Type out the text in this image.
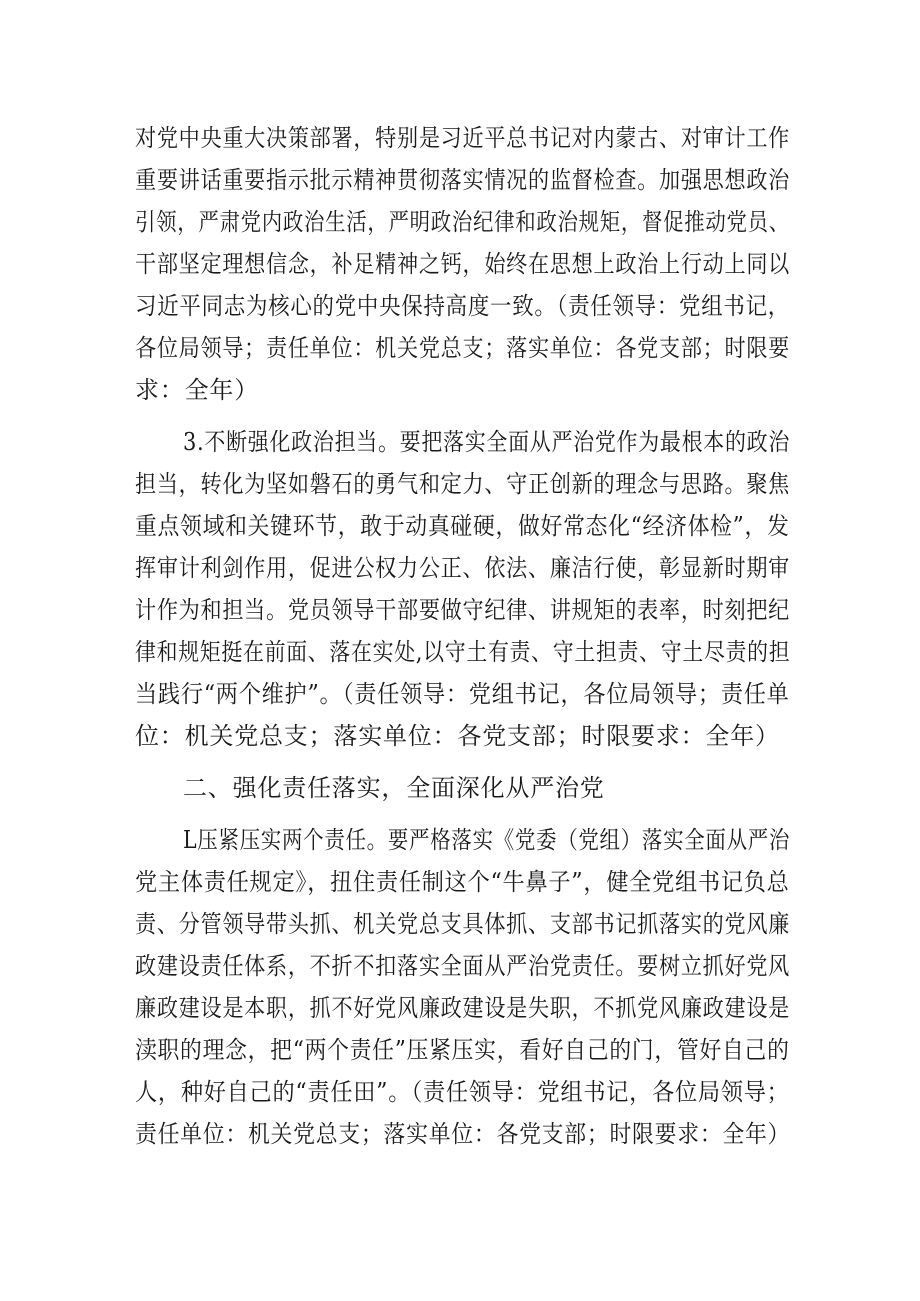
对党中央重大决策部署，特别是习近平总书记对内蒙古、对审计工作
重要讲话重要指示批示精神贯彻落实情况的监督检查。加强思想政治
引领，严肃党内政治生活，严明政治纪律和政治规矩，督促推动党员、
干部坚定理想信念，补足精神之钙，始终在思想上政治上行动上同以
习近平同志为核心的党中央保持高度一致。（责任领导：党组书记，
各位局领导；责任单位：机关党总支；落实单位：各党支部；时限要
求：全年）
3.不断强化政治担当。要把落实全面从严治党作为最根本的政治
担当，转化为坚如磐石的勇气和定力、守正创新的理念与思路。聚焦
重点领域和关键环节，敢于动真碰硬，做好常态化“经济体检”，发
挥审计利剑作用，促进公权力公正、依法、廉洁行使，彰显新时期审
计作为和担当。党员领导干部要做守纪律、讲规矩的表率，时刻把纪
律和规矩挺在前面、落在实处,以守土有责、守土担责、守土尽责的担
当践行“两个维护”。（责任领导：党组书记，各位局领导；责任单
位：机关党总支；落实单位：各党支部；时限要求：全年）
二、强化责任落实，全面深化从严治党
L压紧压实两个责任。要严格落实《党委（党组）落实全面从严治
党主体责任规定》，扭住责任制这个“牛鼻子”，健全党组书记负总
责、分管领导带头抓、机关党总支具体抓、支部书记抓落实的党风廉
政建设责任体系，不折不扣落实全面从严治党责任。要树立抓好党风
廉政建设是本职，抓不好党风廉政建设是失职，不抓党风廉政建设是
渎职的理念，把“两个责任”压紧压实，看好自己的门，管好自己的
人，种好自己的“责任田”。（责任领导：党组书记，各位局领导；
责任单位：机关党总支；落实单位：各党支部；时限要求：全年）
